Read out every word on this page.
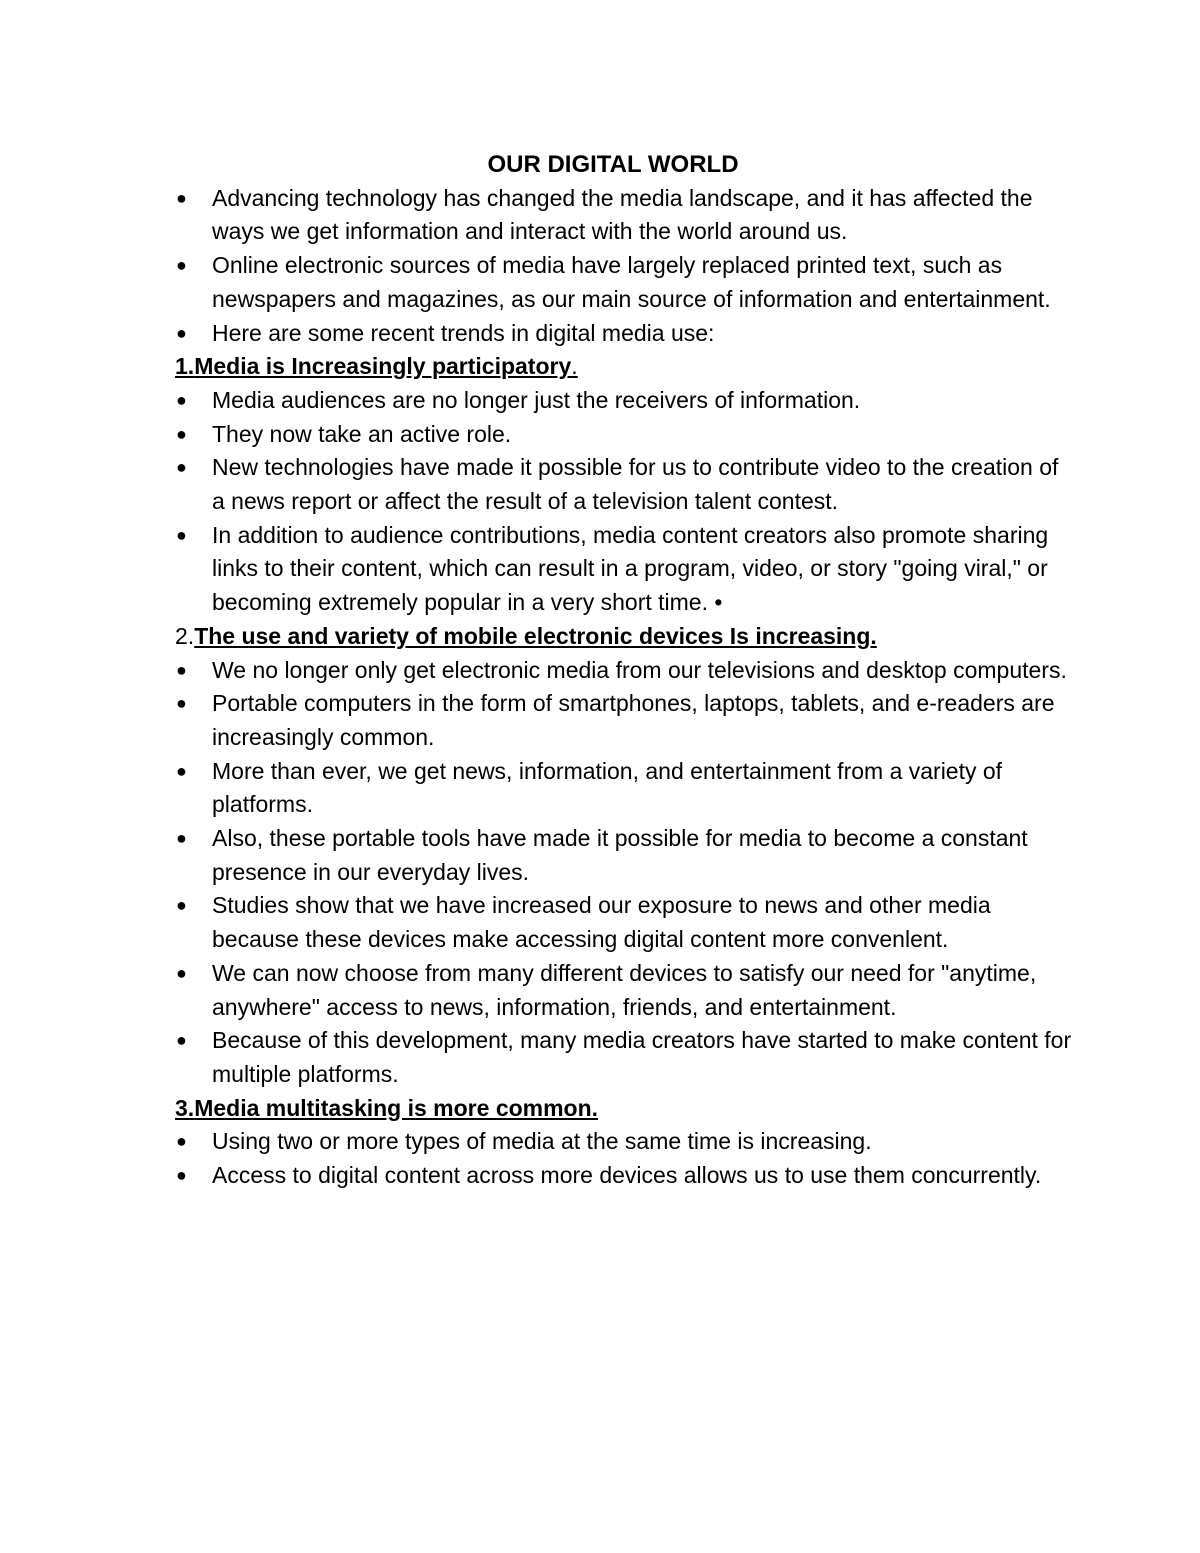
OUR DIGITAL WORLD
● Advancing technology has changed the media landscape, and it has affected the ways we get information and interact with the world around us.
● Online electronic sources of media have largely replaced printed text, such as newspapers and magazines, as our main source of information and entertainment.
● Here are some recent trends in digital media use:

1.Media is Increasingly participatory.

● Media audiences are no longer just the receivers of information.
● They now take an active role.
● New technologies have made it possible for us to contribute video to the creation of a news report or affect the result of a television talent contest.
● In addition to audience contributions, media content creators also promote sharing links to their content, which can result in a program, video, or story "going viral," or becoming extremely popular in a very short time. •

2.The use and variety of mobile electronic devices Is increasing.

● We no longer only get electronic media from our televisions and desktop computers.
● Portable computers in the form of smartphones, laptops, tablets, and e-readers are increasingly common.
● More than ever, we get news, information, and entertainment from a variety of platforms.
● Also, these portable tools have made it possible for media to become a constant presence in our everyday lives.
● Studies show that we have increased our exposure to news and other media because these devices make accessing digital content more convenlent.
● We can now choose from many different devices to satisfy our need for "anytime, anywhere" access to news, information, friends, and entertainment.
● Because of this development, many media creators have started to make content for multiple platforms.

3.Media multitasking is more common.

● Using two or more types of media at the same time is increasing.
● Access to digital content across more devices allows us to use them concurrently.
